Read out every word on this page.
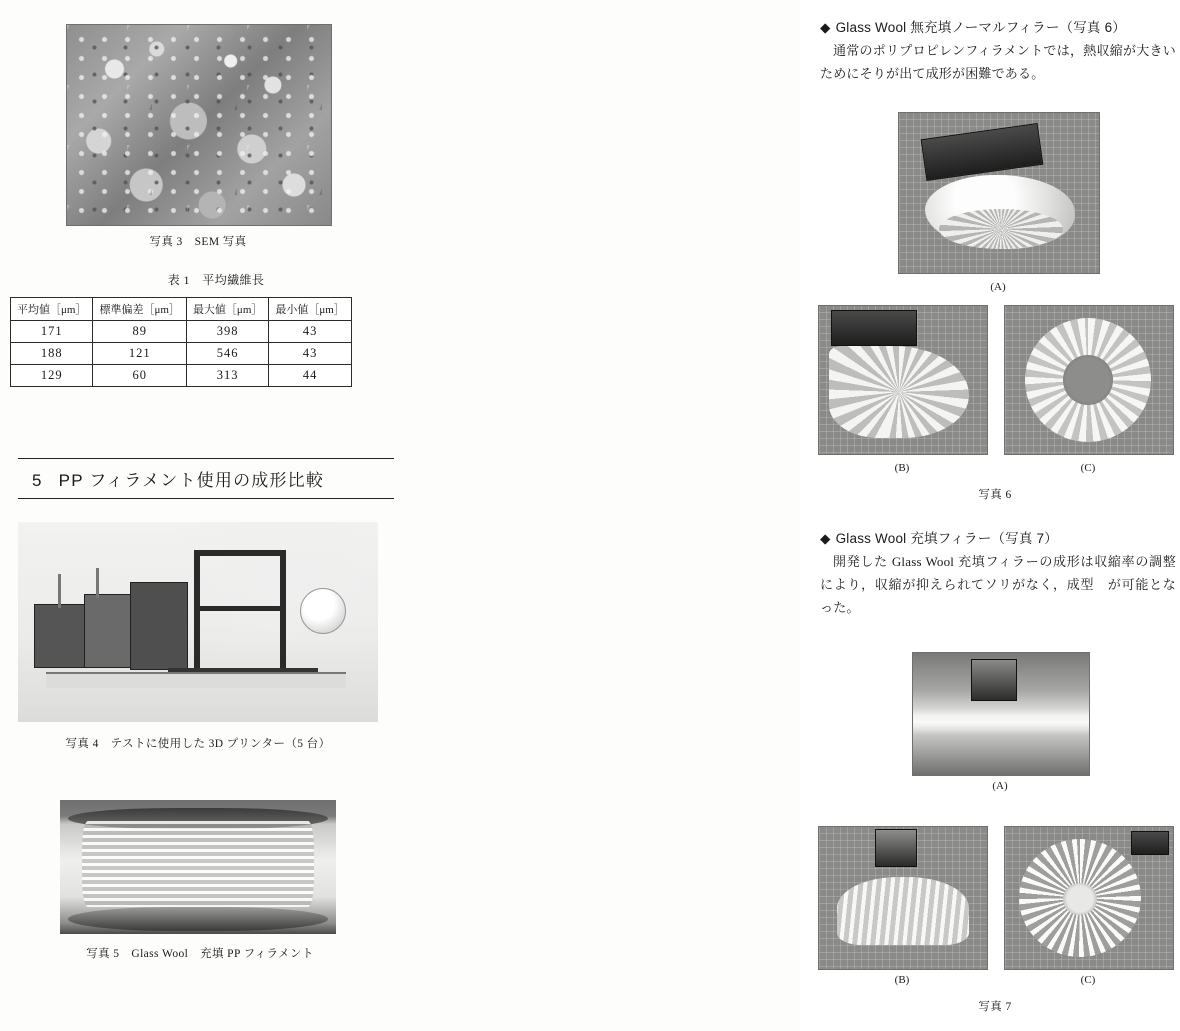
写真 3　SEM 写真
表 1　平均繊維長
平均値［μm］	標準偏差［μm］	最大値［μm］	最小値［μm］
171	89	398	43
188	121	546	43
129	60	313	44
5 PP フィラメント使用の成形比較
写真 4　テストに使用した 3D プリンター（5 台）
写真 5　Glass Wool　充填 PP フィラメント
◆ Glass Wool 無充填ノーマルフィラー（写真 6）
通常のポリプロピレンフィラメントでは，熱収縮が大きいためにそりが出て成形が困難である。
(A)
(B)	(C)
写真 6
◆ Glass Wool 充填フィラー（写真 7）
開発した Glass Wool 充填フィラーの成形は収縮率の調整により，収縮が抑えられてソリがなく，成型　が可能となった。
(A)
(B)	(C)
写真 7
